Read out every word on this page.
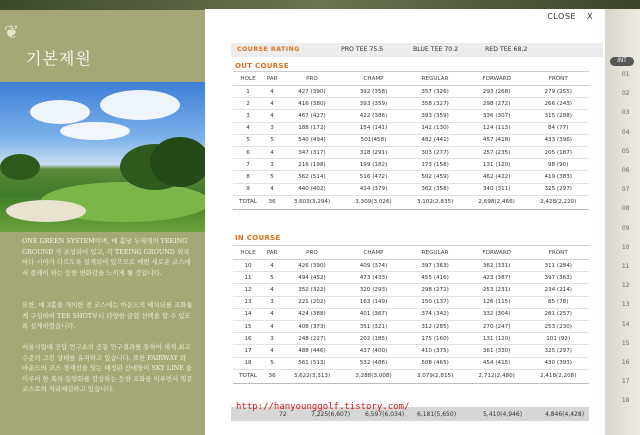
❦
기본제원
ONE GREEN SYSTEM이며, 매 홀당 두세개의 TEEING GROUND 가 조성되어 있고, 각 TEEING GROUND 위치마다 시야가 다르도록 설계되어 있으므로 매번 새로운 코스에서 플레이 하는 듯한 변화감을 느끼게 될 것입니다.
또한, 매 3홀을 개의한 전 코스에는 마운드의 배치되를 조화롭게 구성하여 TEE SHOT부터 다양한 클럽 선택을 할 수 있도록 설계하였습니다.
서울시립대 전답 연구소의 공동 연구결과를 통하여 세계 최고 수준의 그린 상태를 유지하고 있습니다. 또한 FAIRWAY 와 마운드의 코스 경계선을 잇는 해정된 산데들이 SKY LINE 을 이루어 한 폭의 동양화를 감상하는 듯한 조화를 이루면서 명문코스로의 자리매김하고 있습니다.
CLOSE X
COURSE RATING	PRO TEE 75.5	BLUE TEE 70.2	RED TEE 68.2
OUT COURSE
HOLE	PAR	PRO	CHAMP	REGULAR	FORWARD	FRONT
1	4	427 (390)	392 (358)	357 (326)	293 (268)	279 (255)
2	4	416 (380)	393 (359)	358 (327)	298 (272)	266 (243)
3	4	467 (427)	422 (386)	393 (359)	336 (307)	315 (288)
4	3	188 (172)	154 (141)	142 (130)	124 (113)	84 (77)
5	5	540 (494)	501(458)	482 (441)	457 (418)	433 (396)
6	4	347 (317)	318 (291)	303 (277)	257 (235)	205 (187)
7	3	216 (198)	199 (182)	173 (158)	131 (120)	98 (90)
8	5	562 (514)	516 (472)	502 (459)	462 (422)	419 (383)
9	4	440 (402)	414 (379)	362 (358)	340 (311)	325 (297)
TOTAL	36	3,603(3,294)	3,309(3,026)	3,102(2,835)	2,698(2,466)	2,428(2,220)
IN COURSE
HOLE	PAR	PRO	CHAMP	REGULAR	FORWARD	FRONT
10	4	426 (390)	409 (374)	397 (363)	362 (331)	311 (284)
11	5	494 (452)	473 (433)	455 (416)	423 (387)	397 (363)
12	4	352 (322)	320 (293)	298 (272)	253 (231)	234 (214)
13	3	221 (202)	163 (149)	150 (137)	126 (115)	85 (78)
14	4	424 (388)	401 (367)	374 (342)	332 (304)	281 (257)
15	4	408 (373)	351 (321)	312 (285)	270 (247)	253 (230)
16	3	248 (227)	202 (185)	175 (160)	131 (120)	101 (92)
17	4	488 (446)	437 (400)	410 (375)	361 (330)	325 (297)
18	5	561 (513)	532 (486)	508 (465)	454 (415)	430 (393)
TOTAL	36	3,622(3,313)	3,288(3,008)	3,079(2,815)	2,712(2,480)	2,418(2,208)
72	7,225(6,607) 6,597(6,034) 6,181(5,650)	5,410(4,946)	4,846(4,428)
http://hanyounggolf.tistory.com/
INT
01
02
03
04
05
06
07
08
09
10
11
12
13
14
15
16
17
18
